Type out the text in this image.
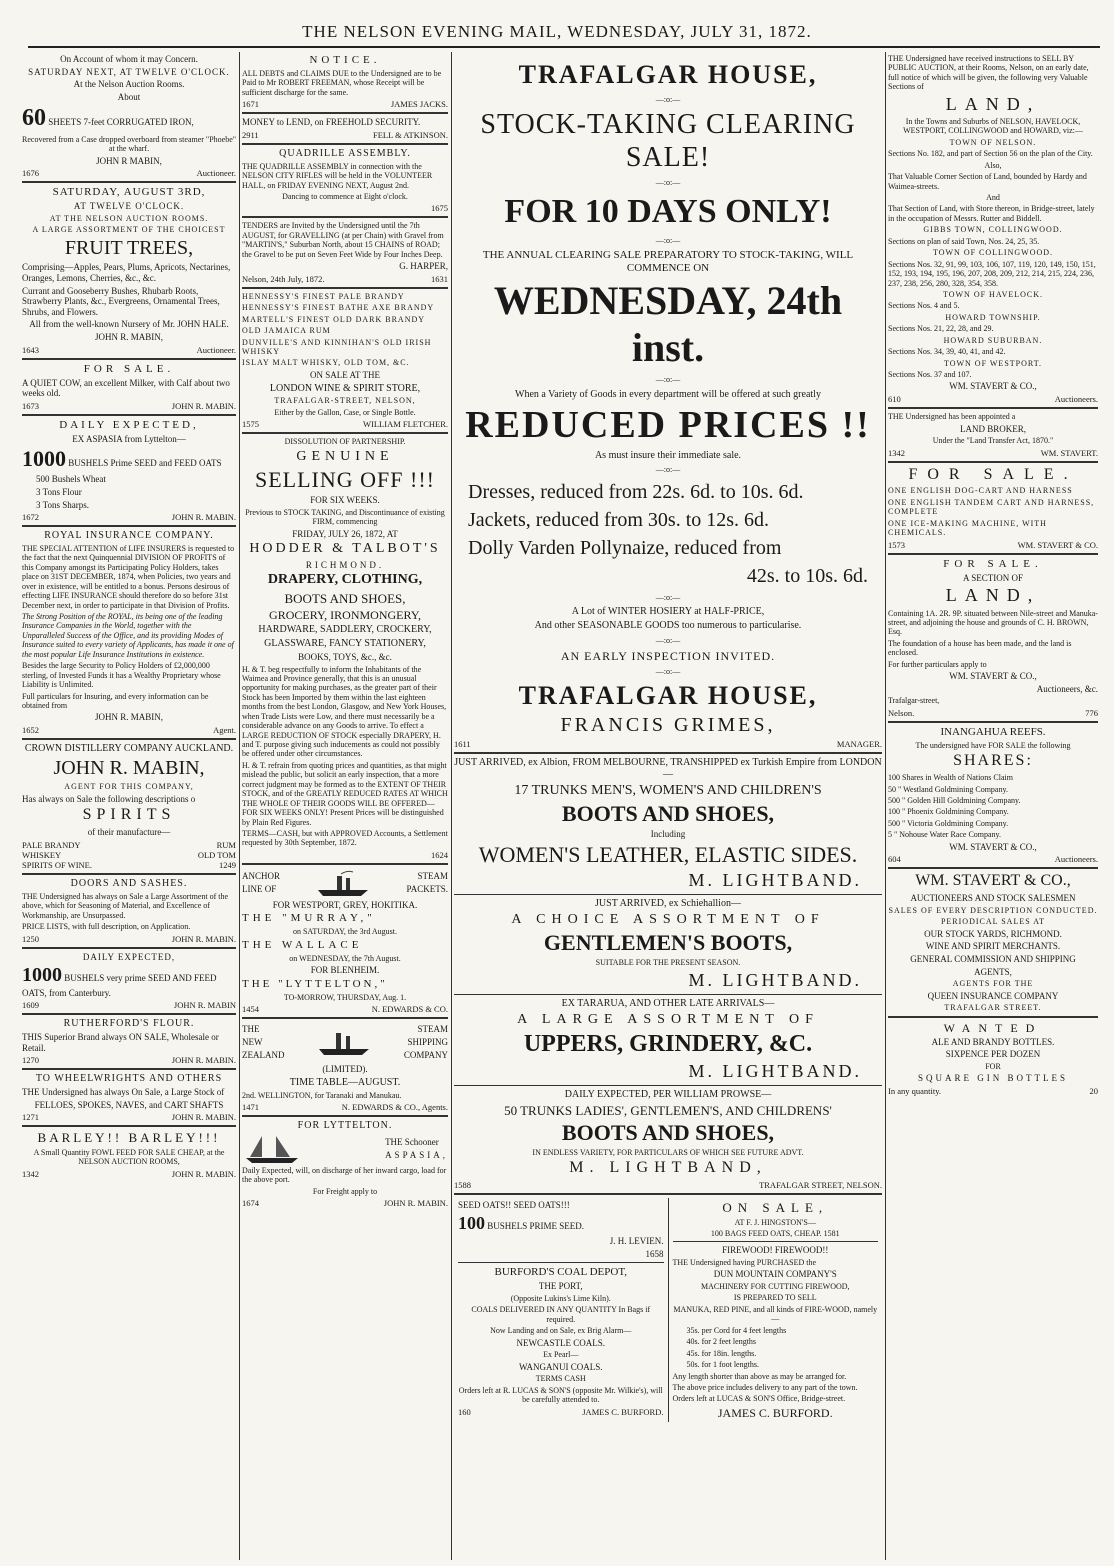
THE NELSON EVENING MAIL, WEDNESDAY, JULY 31, 1872.

On Account of whom it may Concern.

SATURDAY NEXT, AT TWELVE O'CLOCK.

At the Nelson Auction Rooms.

About

60 SHEETS 7-feet CORRUGATED IRON,

Recovered from a Case dropped overboard from steamer "Phoebe" at the wharf.

JOHN R MABIN,

1676	Auctioneer.

SATURDAY, AUGUST 3RD,

AT TWELVE O'CLOCK.

AT THE NELSON AUCTION ROOMS.

A LARGE ASSORTMENT OF THE CHOICEST

FRUIT TREES,

Comprising—Apples, Pears, Plums, Apricots, Nectarines, Oranges, Lemons, Cherries, &c., &c.

Currant and Gooseberry Bushes, Rhubarb Roots, Strawberry Plants, &c., Evergreens, Ornamental Trees, Shrubs, and Flowers.

All from the well-known Nursery of Mr. JOHN HALE.

JOHN R. MABIN,

1643	Auctioneer.

FOR SALE.

A QUIET COW, an excellent Milker, with Calf about two weeks old.

1673	JOHN R. MABIN.

DAILY EXPECTED,

EX ASPASIA from Lyttelton—

1000 BUSHELS Prime SEED and FEED OATS

500 Bushels Wheat

3 Tons Flour

3 Tons Sharps.

1672	JOHN R. MABIN.

ROYAL INSURANCE COMPANY.

THE SPECIAL ATTENTION of LIFE INSURERS is requested to the fact that the next Quinquennial DIVISION OF PROFITS of this Company amongst its Participating Policy Holders, takes place on 31ST DECEMBER, 1874, when Policies, two years and over in existence, will be entitled to a bonus. Persons desirous of effecting LIFE INSURANCE should therefore do so before 31st December next, in order to participate in that Division of Profits.

The Strong Position of the ROYAL, its being one of the leading Insurance Companies in the World, together with the Unparalleled Success of the Office, and its providing Modes of Insurance suited to every variety of Applicants, has made it one of the most popular Life Insurance Institutions in existence.

Besides the large Security to Policy Holders of £2,000,000 sterling, of Invested Funds it has a Wealthy Proprietary whose Liability is Unlimited.

Full particulars for Insuring, and every information can be obtained from

JOHN R. MABIN,

1652	Agent.

CROWN DISTILLERY COMPANY AUCKLAND.

JOHN R. MABIN,

AGENT FOR THIS COMPANY,

Has always on Sale the following descriptions o

SPIRITS

of their manufacture—

PALE BRANDY	RUM
WHISKEY	OLD TOM
SPIRITS OF WINE.	1249

DOORS AND SASHES.

THE Undersigned has always on Sale a Large Assortment of the above, which for Seasoning of Material, and Excellence of Workmanship, are Unsurpassed.

PRICE LISTS, with full description, on Application.

1250	JOHN R. MABIN.

DAILY EXPECTED,

1000 BUSHELS very prime SEED AND FEED OATS, from Canterbury.

1609	JOHN R. MABIN

RUTHERFORD'S FLOUR.

THIS Superior Brand always ON SALE, Wholesale or Retail.

1270	JOHN R. MABIN.

TO WHEELWRIGHTS AND OTHERS

THE Undersigned has always On Sale, a Large Stock of

FELLOES, SPOKES, NAVES, and CART SHAFTS

1271	JOHN R. MABIN.

BARLEY!! BARLEY!!!

A Small Quantity FOWL FEED FOR SALE CHEAP, at the NELSON AUCTION ROOMS,

1342	JOHN R. MABIN.

NOTICE.

ALL DEBTS and CLAIMS DUE to the Undersigned are to be Paid to Mr ROBERT FREEMAN, whose Receipt will be sufficient discharge for the same.

1671	JAMES JACKS.

MONEY to LEND, on FREEHOLD SECURITY.

2911	FELL & ATKINSON.

QUADRILLE ASSEMBLY.

THE QUADRILLE ASSEMBLY in connection with the NELSON CITY RIFLES will be held in the VOLUNTEER HALL, on FRIDAY EVENING NEXT, August 2nd.

Dancing to commence at Eight o'clock.

1675

TENDERS are Invited by the Undersigned until the 7th AUGUST, for GRAVELLING (at per Chain) with Gravel from "MARTIN'S," Suburban North, about 15 CHAINS of ROAD; the Gravel to be put on Seven Feet Wide by Four Inches Deep.

G. HARPER,

Nelson, 24th July, 1872.	1631

HENNESSY'S FINEST PALE BRANDY

HENNESSY'S FINEST BATHE AXE BRANDY

MARTELL'S FINEST OLD DARK BRANDY

OLD JAMAICA RUM

DUNVILLE'S AND KINNIHAN'S OLD IRISH WHISKY

ISLAY MALT WHISKY, OLD TOM, &C.

ON SALE AT THE

LONDON WINE & SPIRIT STORE,

TRAFALGAR-STREET, NELSON,

Either by the Gallon, Case, or Single Bottle.

1575	WILLIAM FLETCHER.

DISSOLUTION OF PARTNERSHIP.

GENUINE

SELLING OFF !!!

FOR SIX WEEKS.

Previous to STOCK TAKING, and Discontinuance of existing FIRM, commencing

FRIDAY, JULY 26, 1872, AT

HODDER & TALBOT'S

RICHMOND.

DRAPERY, CLOTHING,

BOOTS AND SHOES,

GROCERY, IRONMONGERY,

HARDWARE, SADDLERY, CROCKERY,

GLASSWARE, FANCY STATIONERY,

BOOKS, TOYS, &c., &c.

H. & T. beg respectfully to inform the Inhabitants of the Waimea and Province generally, that this is an unusual opportunity for making purchases, as the greater part of their Stock has been Imported by them within the last eighteen months from the best London, Glasgow, and New York Houses, when Trade Lists were Low, and there must necessarily be a considerable advance on any Goods to arrive. To effect a LARGE REDUCTION OF STOCK especially DRAPERY, H. and T. purpose giving such inducements as could not possibly be offered under other circumstances.

H. & T. refrain from quoting prices and quantities, as that might mislead the public, but solicit an early inspection, that a more correct judgment may be formed as to the EXTENT OF THEIR STOCK, and of the GREATLY REDUCED RATES AT WHICH THE WHOLE OF THEIR GOODS WILL BE OFFERED—FOR SIX WEEKS ONLY! Present Prices will be distinguished by Plain Red Figures.

TERMS—CASH, but with APPROVED Accounts, a Settlement requested by 30th September, 1872.

1624

ANCHOR

LINE OF

STEAM

PACKETS.

FOR WESTPORT, GREY, HOKITIKA.

THE "MURRAY,"

on SATURDAY, the 3rd August.

THE WALLACE

on WEDNESDAY, the 7th August.

FOR BLENHEIM.

THE "LYTTELTON,"

TO-MORROW, THURSDAY, Aug. 1.

1454	N. EDWARDS & CO.

THE

NEW

ZEALAND

STEAM

SHIPPING

COMPANY

(LIMITED).

TIME TABLE—AUGUST.

2nd. WELLINGTON, for Taranaki and Manukau.

1471	N. EDWARDS & CO., Agents.

FOR LYTTELTON.

THE Schooner

ASPASIA,

Daily Expected, will, on discharge of her inward cargo, load for the above port.

For Freight apply to

1674	JOHN R. MABIN.

TRAFALGAR HOUSE,

—:o:—

STOCK-TAKING CLEARING SALE!

—:o:—

FOR 10 DAYS ONLY!

—:o:—

THE ANNUAL CLEARING SALE PREPARATORY TO STOCK-TAKING, WILL COMMENCE ON

WEDNESDAY, 24th inst.

—:o:—

When a Variety of Goods in every department will be offered at such greatly

REDUCED PRICES !!

As must insure their immediate sale.

—:o:—

Dresses, reduced from 22s. 6d. to 10s. 6d.

Jackets, reduced from 30s. to 12s. 6d.

Dolly Varden Pollynaize, reduced from

42s. to 10s. 6d.

—:o:—

A Lot of WINTER HOSIERY at HALF-PRICE,

And other SEASONABLE GOODS too numerous to particularise.

—:o:—

AN EARLY INSPECTION INVITED.

—:o:—

TRAFALGAR HOUSE,

FRANCIS GRIMES,

1611	MANAGER.

JUST ARRIVED, ex Albion, FROM MELBOURNE, TRANSHIPPED ex Turkish Empire from LONDON—

17 TRUNKS MEN'S, WOMEN'S AND CHILDREN'S

BOOTS AND SHOES,

Including

WOMEN'S LEATHER, ELASTIC SIDES.

M. LIGHTBAND.

JUST ARRIVED, ex Schiehallion—

A CHOICE ASSORTMENT OF

GENTLEMEN'S BOOTS,

SUITABLE FOR THE PRESENT SEASON.

M. LIGHTBAND.

EX TARARUA, AND OTHER LATE ARRIVALS—

A LARGE ASSORTMENT OF

UPPERS, GRINDERY, &C.

M. LIGHTBAND.

DAILY EXPECTED, PER WILLIAM PROWSE—

50 TRUNKS LADIES', GENTLEMEN'S, AND CHILDRENS'

BOOTS AND SHOES,

IN ENDLESS VARIETY, FOR PARTICULARS OF WHICH SEE FUTURE ADVT.

M. LIGHTBAND,

1588	TRAFALGAR STREET, NELSON.

SEED OATS!! SEED OATS!!!

100 BUSHELS PRIME SEED.

J. H. LEVIEN.

1658

BURFORD'S COAL DEPOT,

THE PORT,

(Opposite Lukins's Lime Kiln).

COALS DELIVERED IN ANY QUANTITY In Bags if required.

Now Landing and on Sale, ex Brig Alarm—

NEWCASTLE COALS.

Ex Pearl—

WANGANUI COALS.

TERMS CASH

Orders left at R. LUCAS & SON'S (opposite Mr. Wilkie's), will be carefully attended to.

160	JAMES C. BURFORD.

ON SALE,

AT F. J. HINGSTON'S—

100 BAGS FEED OATS, CHEAP. 1581

FIREWOOD! FIREWOOD!!

THE Undersigned having PURCHASED the

DUN MOUNTAIN COMPANY'S

MACHINERY FOR CUTTING FIREWOOD,

IS PREPARED TO SELL

MANUKA, RED PINE, and all kinds of FIRE-WOOD, namely—

35s. per Cord for 4 feet lengths

40s. for 2 feet lengths

45s. for 18in. lengths.

50s. for 1 foot lengths.

Any length shorter than above as may be arranged for.

The above price includes delivery to any part of the town.

Orders left at LUCAS & SON'S Office, Bridge-street.

JAMES C. BURFORD.

THE Undersigned have received instructions to SELL BY PUBLIC AUCTION, at their Rooms, Nelson, on an early date, full notice of which will be given, the following very Valuable Sections of

LAND,

In the Towns and Suburbs of NELSON, HAVELOCK, WESTPORT, COLLINGWOOD and HOWARD, viz:—

TOWN OF NELSON.

Sections No. 182, and part of Section 56 on the plan of the City.

Also,

That Valuable Corner Section of Land, bounded by Hardy and Waimea-streets.

And

That Section of Land, with Store thereon, in Bridge-street, lately in the occupation of Messrs. Rutter and Biddell.

GIBBS TOWN, COLLINGWOOD.

Sections on plan of said Town, Nos. 24, 25, 35.

TOWN OF COLLINGWOOD.

Sections Nos. 32, 91, 99, 103, 106, 107, 119, 120, 149, 150, 151, 152, 193, 194, 195, 196, 207, 208, 209, 212, 214, 215, 224, 236, 237, 238, 256, 280, 328, 354, 358.

TOWN OF HAVELOCK.

Sections Nos. 4 and 5.

HOWARD TOWNSHIP.

Sections Nos. 21, 22, 28, and 29.

HOWARD SUBURBAN.

Sections Nos. 34, 39, 40, 41, and 42.

TOWN OF WESTPORT.

Sections Nos. 37 and 107.

WM. STAVERT & CO.,

610	Auctioneers.

THE Undersigned has been appointed a

LAND BROKER,

Under the "Land Transfer Act, 1870."

1342	WM. STAVERT.

FOR SALE.

ONE ENGLISH DOG-CART AND HARNESS

ONE ENGLISH TANDEM CART AND HARNESS, COMPLETE

ONE ICE-MAKING MACHINE, WITH CHEMICALS.

1573	WM. STAVERT & CO.

FOR SALE.

A SECTION OF

LAND,

Containing 1A. 2R. 9P. situated between Nile-street and Manuka-street, and adjoining the house and grounds of C. H. BROWN, Esq.

The foundation of a house has been made, and the land is enclosed.

For further particulars apply to

WM. STAVERT & CO.,

Auctioneers, &c.

Trafalgar-street,

Nelson.	776

INANGAHUA REEFS.

The undersigned have FOR SALE the following

SHARES:

100 Shares in Wealth of Nations Claim

50 " Westland Goldmining Company.

500 " Golden Hill Goldmining Company.

100 " Phoenix Goldmining Company.

500 " Victoria Goldmining Company.

5 " Nohouse Water Race Company.

WM. STAVERT & CO.,

604	Auctioneers.

WM. STAVERT & CO.,

AUCTIONEERS AND STOCK SALESMEN

SALES OF EVERY DESCRIPTION CONDUCTED.

PERIODICAL SALES AT

OUR STOCK YARDS, RICHMOND.

WINE AND SPIRIT MERCHANTS.

GENERAL COMMISSION AND SHIPPING

AGENTS,

AGENTS FOR THE

QUEEN INSURANCE COMPANY

TRAFALGAR STREET.

WANTED

ALE AND BRANDY BOTTLES.

SIXPENCE PER DOZEN

FOR

SQUARE GIN BOTTLES

In any quantity.	20
